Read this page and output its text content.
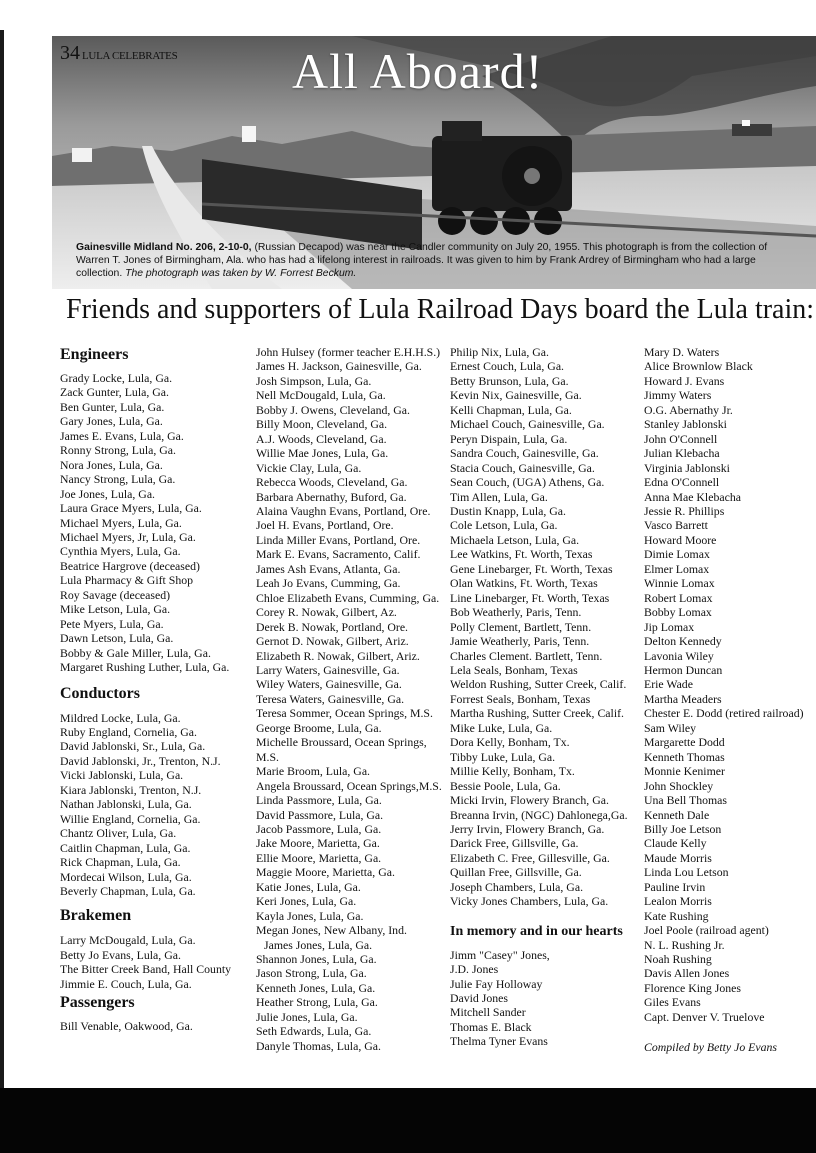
34 LULA CELEBRATES All Aboard!
Gainesville Midland No. 206, 2-10-0, (Russian Decapod) was near the Candler community on July 20, 1955. This photograph is from the collection of Warren T. Jones of Birmingham, Ala. who has had a lifelong interest in railroads. It was given to him by Frank Ardrey of Birmingham who had a large collection. The photograph was taken by W. Forrest Beckum.
Friends and supporters of Lula Railroad Days board the Lula train:
Engineers
Grady Locke, Lula, Ga.
Zack Gunter, Lula, Ga.
Ben Gunter, Lula, Ga.
Gary Jones, Lula, Ga.
James E. Evans, Lula, Ga.
Ronny Strong, Lula, Ga.
Nora Jones, Lula, Ga.
Nancy Strong, Lula, Ga.
Joe Jones, Lula, Ga.
Laura Grace Myers, Lula, Ga.
Michael Myers, Lula, Ga.
Michael Myers, Jr, Lula, Ga.
Cynthia Myers, Lula, Ga.
Beatrice Hargrove (deceased)
Lula Pharmacy & Gift Shop
Roy Savage (deceased)
Mike Letson, Lula, Ga.
Pete Myers, Lula, Ga.
Dawn Letson, Lula, Ga.
Bobby & Gale Miller, Lula, Ga.
Margaret Rushing Luther, Lula, Ga.
Conductors
Mildred Locke, Lula, Ga.
Ruby England, Cornelia, Ga.
David Jablonski, Sr., Lula, Ga.
David Jablonski, Jr., Trenton, N.J.
Vicki Jablonski, Lula, Ga.
Kiara Jablonski, Trenton, N.J.
Nathan Jablonski, Lula, Ga.
Willie England, Cornelia, Ga.
Chantz Oliver, Lula, Ga.
Caitlin Chapman, Lula, Ga.
Rick Chapman, Lula, Ga.
Mordecai Wilson, Lula, Ga.
Beverly Chapman, Lula, Ga.
Brakemen
Larry McDougald, Lula, Ga.
Betty Jo Evans, Lula, Ga.
The Bitter Creek Band, Hall County
Jimmie E. Couch, Lula, Ga.
Passengers
Bill Venable, Oakwood, Ga.
John Hulsey (former teacher E.H.H.S.)
James H. Jackson, Gainesville, Ga.
Josh Simpson, Lula, Ga.
Nell McDougald, Lula, Ga.
Bobby J. Owens, Cleveland, Ga.
Billy Moon, Cleveland, Ga.
A.J. Woods, Cleveland, Ga.
Willie Mae Jones, Lula, Ga.
Vickie Clay, Lula, Ga.
Rebecca Woods, Cleveland, Ga.
Barbara Abernathy, Buford, Ga.
Alaina Vaughn Evans, Portland, Ore.
Joel H. Evans, Portland, Ore.
Linda Miller Evans, Portland, Ore.
Mark E. Evans, Sacramento, Calif.
James Ash Evans, Atlanta, Ga.
Leah Jo Evans, Cumming, Ga.
Chloe Elizabeth Evans, Cumming, Ga.
Corey R. Nowak, Gilbert, Az.
Derek B. Nowak, Portland, Ore.
Gernot D. Nowak, Gilbert, Ariz.
Elizabeth R. Nowak, Gilbert, Ariz.
Larry Waters, Gainesville, Ga.
Wiley Waters, Gainesville, Ga.
Teresa Waters, Gainesville, Ga.
Teresa Sommer, Ocean Springs, M.S.
George Broome, Lula, Ga.
Michelle Broussard, Ocean Springs,
M.S.
Marie Broom, Lula, Ga.
Angela Broussard, Ocean Springs,M.S.
Linda Passmore, Lula, Ga.
David Passmore, Lula, Ga.
Jacob Passmore, Lula, Ga.
Jake Moore, Marietta, Ga.
Ellie Moore, Marietta, Ga.
Maggie Moore, Marietta, Ga.
Katie Jones, Lula, Ga.
Keri Jones, Lula, Ga.
Kayla Jones, Lula, Ga.
Megan Jones, New Albany, Ind.
James Jones, Lula, Ga.
Shannon Jones, Lula, Ga.
Jason Strong, Lula, Ga.
Kenneth Jones, Lula, Ga.
Heather Strong, Lula, Ga.
Julie Jones, Lula, Ga.
Seth Edwards, Lula, Ga.
Danyle Thomas, Lula, Ga.
Philip Nix, Lula, Ga.
Ernest Couch, Lula, Ga.
Betty Brunson, Lula, Ga.
Kevin Nix, Gainesville, Ga.
Kelli Chapman, Lula, Ga.
Michael Couch, Gainesville, Ga.
Peryn Dispain, Lula, Ga.
Sandra Couch, Gainesville, Ga.
Stacia Couch, Gainesville, Ga.
Sean Couch, (UGA) Athens, Ga.
Tim Allen, Lula, Ga.
Dustin Knapp, Lula, Ga.
Cole Letson, Lula, Ga.
Michaela Letson, Lula, Ga.
Lee Watkins, Ft. Worth, Texas
Gene Linebarger, Ft. Worth, Texas
Olan Watkins, Ft. Worth, Texas
Line Linebarger, Ft. Worth, Texas
Bob Weatherly, Paris, Tenn.
Polly Clement, Bartlett, Tenn.
Jamie Weatherly, Paris, Tenn.
Charles Clement. Bartlett, Tenn.
Lela Seals, Bonham, Texas
Weldon Rushing, Sutter Creek, Calif.
Forrest Seals, Bonham, Texas
Martha Rushing, Sutter Creek, Calif.
Mike Luke, Lula, Ga.
Dora Kelly, Bonham, Tx.
Tibby Luke, Lula, Ga.
Millie Kelly, Bonham, Tx.
Bessie Poole, Lula, Ga.
Micki Irvin, Flowery Branch, Ga.
Breanna Irvin, (NGC) Dahlonega,Ga.
Jerry Irvin, Flowery Branch, Ga.
Darick Free, Gillsville, Ga.
Elizabeth C. Free, Gillesville, Ga.
Quillan Free, Gillsville, Ga.
Joseph Chambers, Lula, Ga.
Vicky Jones Chambers, Lula, Ga.
In memory and in our hearts
Jimm "Casey" Jones,
J.D. Jones
Julie Fay Holloway
David Jones
Mitchell Sander
Thomas E. Black
Thelma Tyner Evans
Mary D. Waters
Alice Brownlow Black
Howard J. Evans
Jimmy Waters
O.G. Abernathy Jr.
Stanley Jablonski
John O'Connell
Julian Klebacha
Virginia Jablonski
Edna O'Connell
Anna Mae Klebacha
Jessie R. Phillips
Vasco Barrett
Howard Moore
Dimie Lomax
Elmer Lomax
Winnie Lomax
Robert Lomax
Bobby Lomax
Jip Lomax
Delton Kennedy
Lavonia Wiley
Hermon Duncan
Erie Wade
Martha Meaders
Chester E. Dodd (retired railroad)
Sam Wiley
Margarette Dodd
Kenneth Thomas
Monnie Kenimer
John Shockley
Una Bell Thomas
Kenneth Dale
Billy Joe Letson
Claude Kelly
Maude Morris
Linda Lou Letson
Pauline Irvin
Lealon Morris
Kate Rushing
Joel Poole (railroad agent)
N. L. Rushing Jr.
Noah Rushing
Davis Allen Jones
Florence King Jones
Giles Evans
Capt. Denver V. Truelove
Compiled by Betty Jo Evans
